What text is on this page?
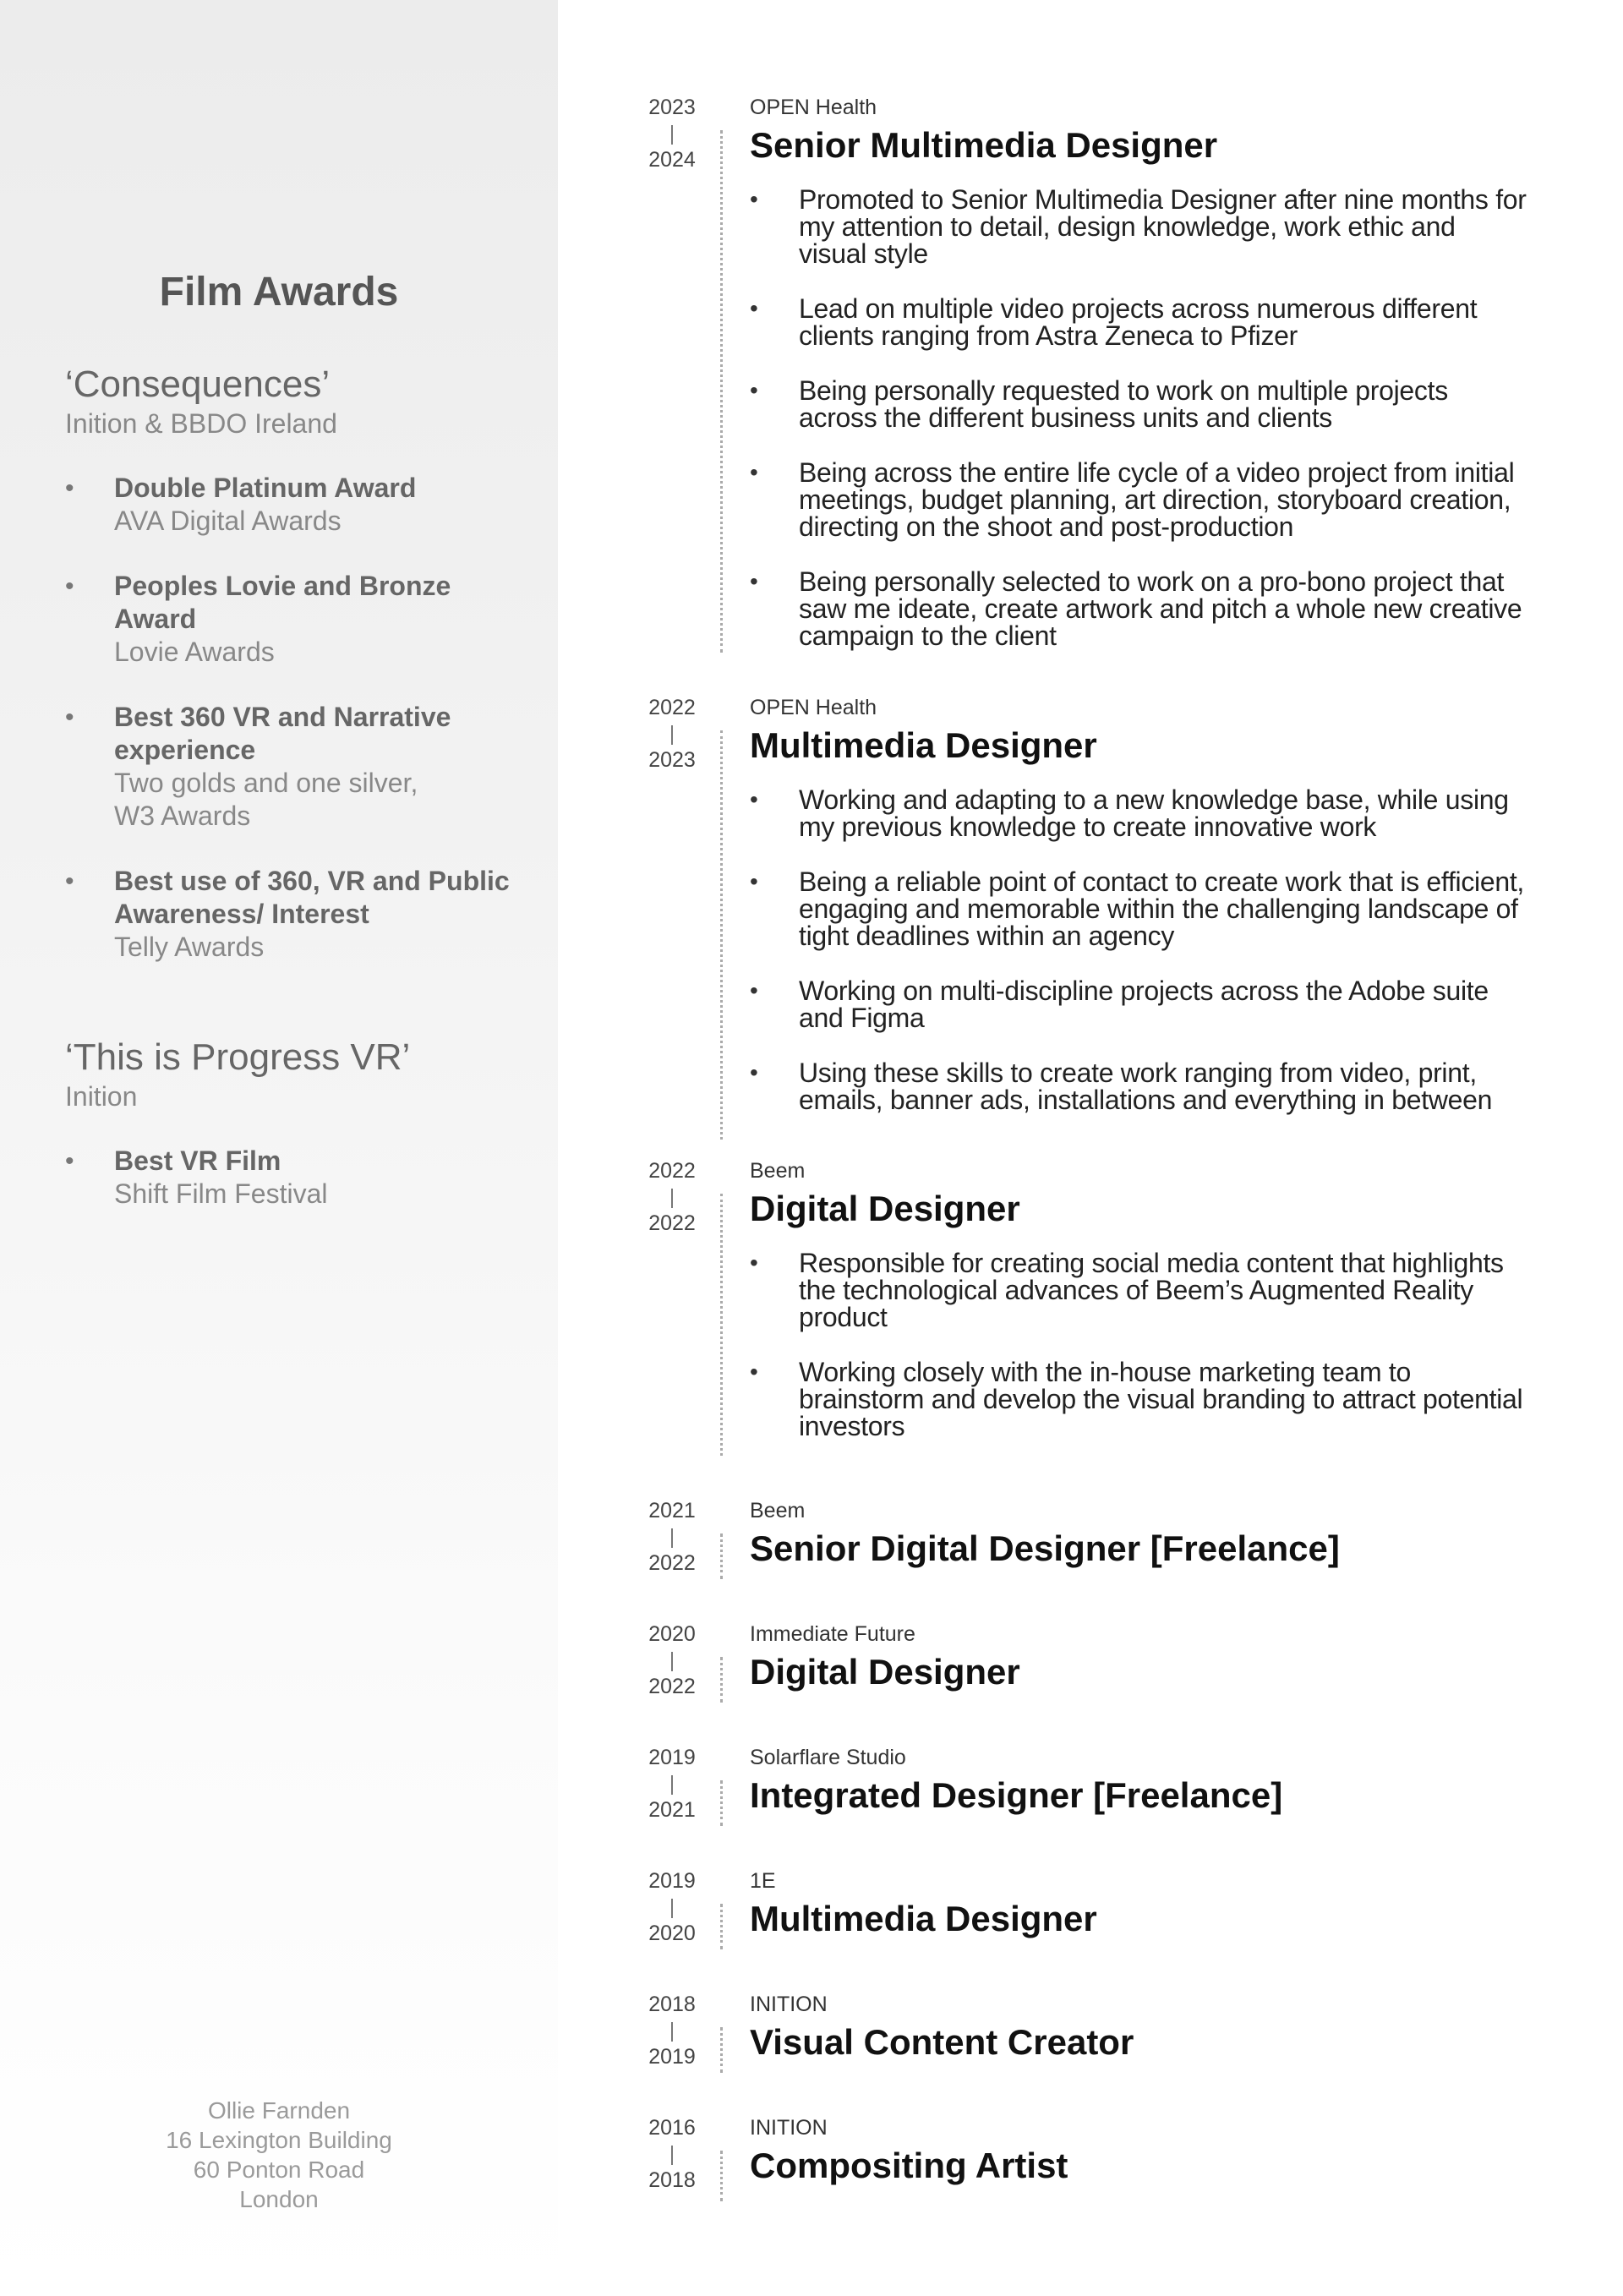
Film Awards
‘Consequences’
Inition & BBDO Ireland
• Double Platinum Award
AVA Digital Awards
• Peoples Lovie and Bronze Award
Lovie Awards
• Best 360 VR and Narrative experience
Two golds and one silver, W3 Awards
• Best use of 360, VR and Public Awareness/ Interest
Telly Awards
‘This is Progress VR’
Inition
• Best VR Film
Shift Film Festival
Ollie Farnden
16 Lexington Building
60 Ponton Road
London
2023
|
2024
OPEN Health
Senior Multimedia Designer
• Promoted to Senior Multimedia Designer after nine months for my attention to detail, design knowledge, work ethic and visual style
• Lead on multiple video projects across numerous different clients ranging from Astra Zeneca to Pfizer
• Being personally requested to work on multiple projects across the different business units and clients
• Being across the entire life cycle of a video project from initial meetings, budget planning, art direction, storyboard creation, directing on the shoot and post-production
• Being personally selected to work on a pro-bono project that saw me ideate, create artwork and pitch a whole new creative campaign to the client
2022
|
2023
OPEN Health
Multimedia Designer
• Working and adapting to a new knowledge base, while using my previous knowledge to create innovative work
• Being a reliable point of contact to create work that is efficient, engaging and memorable within the challenging landscape of tight deadlines within an agency
• Working on multi-discipline projects across the Adobe suite and Figma
• Using these skills to create work ranging from video, print, emails, banner ads, installations and everything in between
2022
|
2022
Beem
Digital Designer
• Responsible for creating social media content that highlights the technological advances of Beem’s Augmented Reality product
• Working closely with the in-house marketing team to brainstorm and develop the visual branding to attract potential investors
2021
|
2022
Beem
Senior Digital Designer [Freelance]
2020
|
2022
Immediate Future
Digital Designer
2019
|
2021
Solarflare Studio
Integrated Designer [Freelance]
2019
|
2020
1E
Multimedia Designer
2018
|
2019
INITION
Visual Content Creator
2016
|
2018
INITION
Compositing Artist
